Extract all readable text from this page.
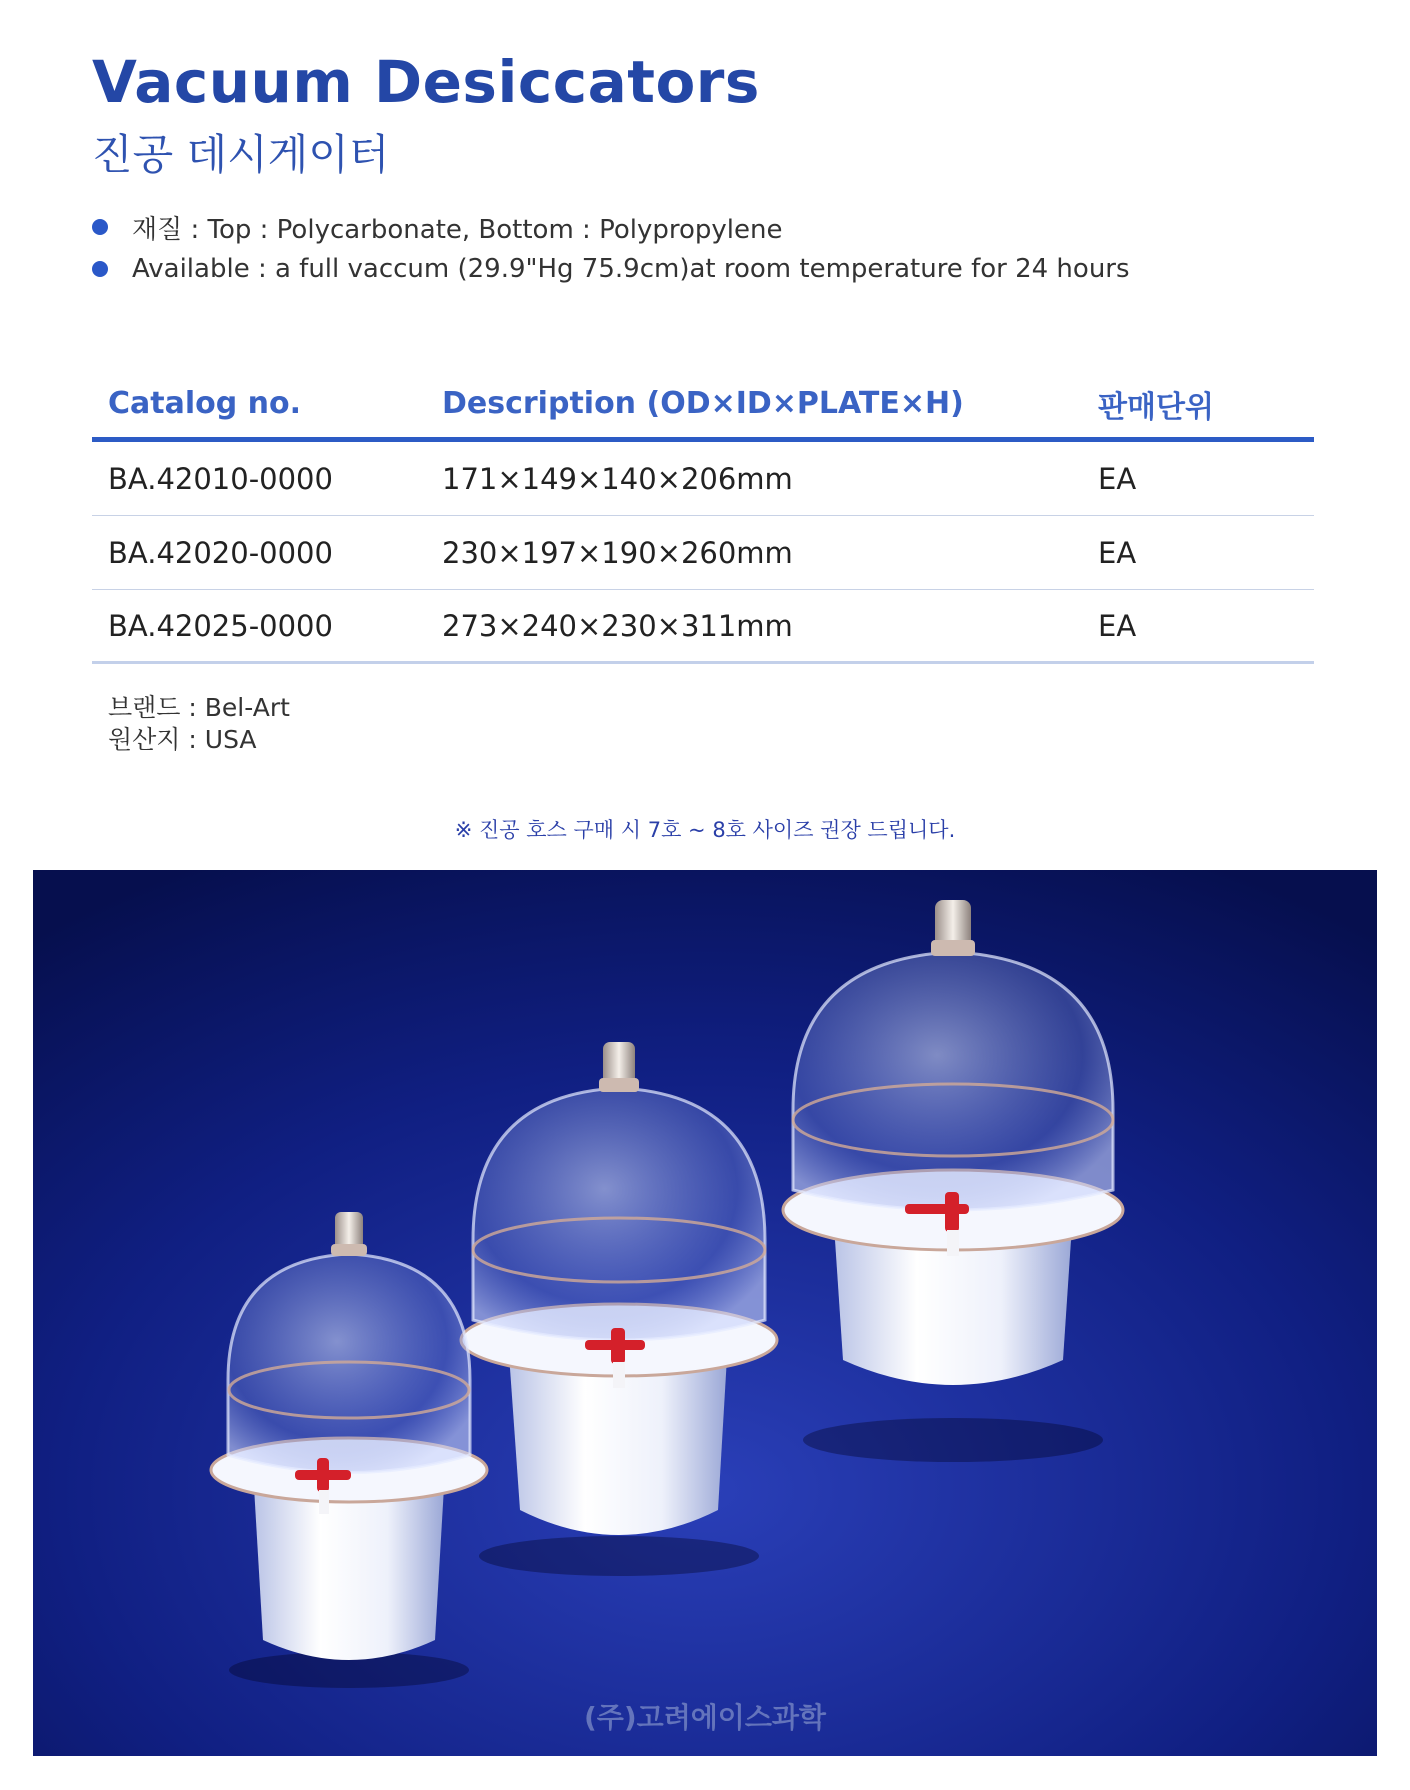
Vacuum Desiccators
진공 데시게이터
재질 : Top : Polycarbonate, Bottom : Polypropylene
Available : a full vaccum (29.9"Hg 75.9cm)at room temperature for 24 hours
Catalog no.	Description (OD×ID×PLATE×H)	판매단위
BA.42010-0000	171×149×140×206mm	EA
BA.42020-0000	230×197×190×260mm	EA
BA.42025-0000	273×240×230×311mm	EA
브랜드 : Bel-Art
원산지 : USA
※ 진공 호스 구매 시 7호 ~ 8호 사이즈 권장 드립니다.
(주)고려에이스과학
